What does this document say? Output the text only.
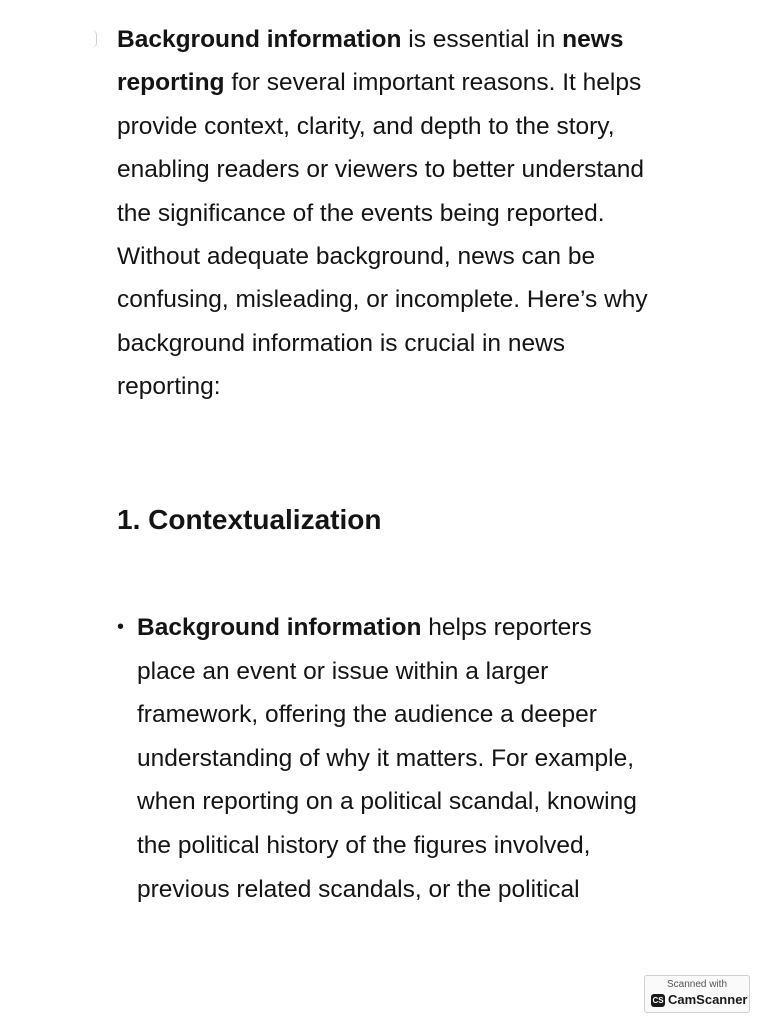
Background information is essential in news reporting for several important reasons. It helps provide context, clarity, and depth to the story, enabling readers or viewers to better understand the significance of the events being reported. Without adequate background, news can be confusing, misleading, or incomplete. Here’s why background information is crucial in news reporting:

1. Contextualization
• Background information helps reporters place an event or issue within a larger framework, offering the audience a deeper understanding of why it matters. For example, when reporting on a political scandal, knowing the political history of the figures involved, previous related scandals, or the political
Scanned with
CS CamScanner
